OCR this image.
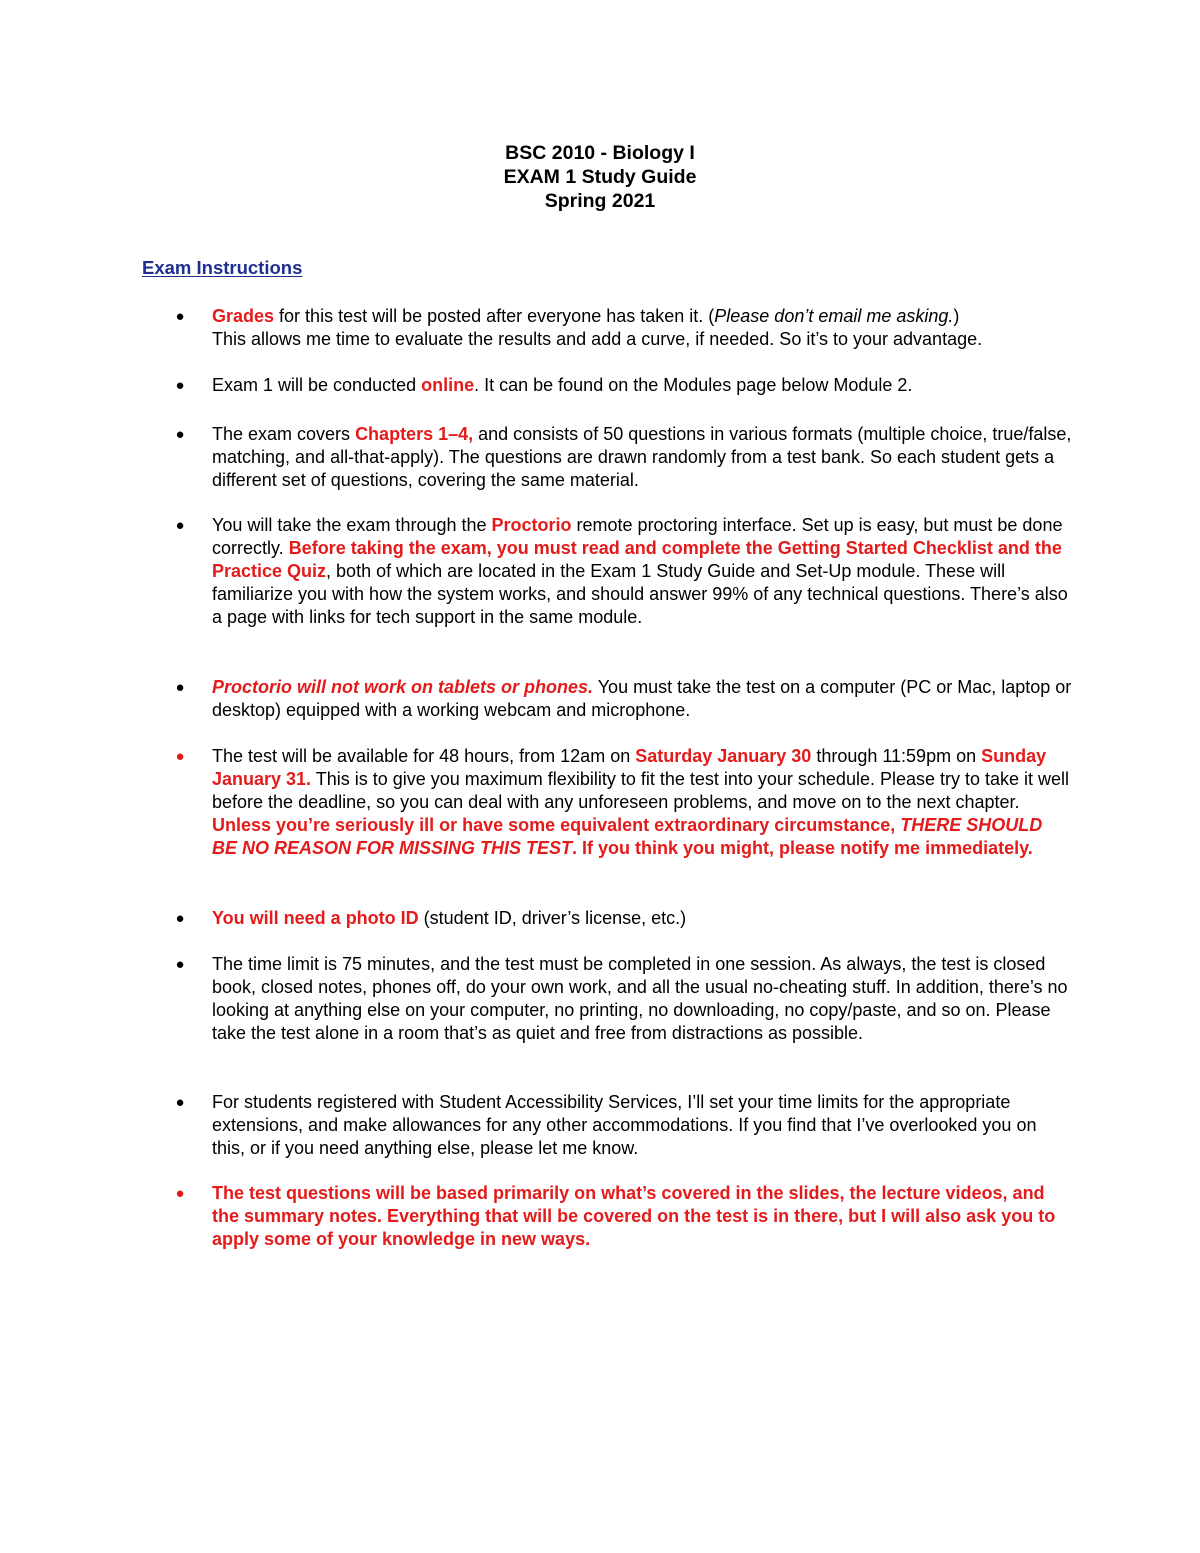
BSC 2010 - Biology I
EXAM 1 Study Guide
Spring 2021
Exam Instructions
● Grades for this test will be posted after everyone has taken it. (Please don’t email me asking.)
This allows me time to evaluate the results and add a curve, if needed. So it’s to your advantage.
● Exam 1 will be conducted online. It can be found on the Modules page below Module 2.
● The exam covers Chapters 1–4, and consists of 50 questions in various formats (multiple choice, true/false, matching, and all-that-apply). The questions are drawn randomly from a test bank. So each student gets a different set of questions, covering the same material.
● You will take the exam through the Proctorio remote proctoring interface. Set up is easy, but must be done correctly. Before taking the exam, you must read and complete the Getting Started Checklist and the Practice Quiz, both of which are located in the Exam 1 Study Guide and Set-Up module. These will familiarize you with how the system works, and should answer 99% of any technical questions. There’s also a page with links for tech support in the same module.
● Proctorio will not work on tablets or phones. You must take the test on a computer (PC or Mac, laptop or desktop) equipped with a working webcam and microphone.
● The test will be available for 48 hours, from 12am on Saturday January 30 through 11:59pm on Sunday January 31. This is to give you maximum flexibility to fit the test into your schedule. Please try to take it well before the deadline, so you can deal with any unforeseen problems, and move on to the next chapter. Unless you’re seriously ill or have some equivalent extraordinary circumstance, THERE SHOULD BE NO REASON FOR MISSING THIS TEST. If you think you might, please notify me immediately.
● You will need a photo ID (student ID, driver’s license, etc.)
● The time limit is 75 minutes, and the test must be completed in one session. As always, the test is closed book, closed notes, phones off, do your own work, and all the usual no-cheating stuff. In addition, there’s no looking at anything else on your computer, no printing, no downloading, no copy/paste, and so on. Please take the test alone in a room that’s as quiet and free from distractions as possible.
● For students registered with Student Accessibility Services, I’ll set your time limits for the appropriate extensions, and make allowances for any other accommodations. If you find that I’ve overlooked you on this, or if you need anything else, please let me know.
● The test questions will be based primarily on what’s covered in the slides, the lecture videos, and the summary notes. Everything that will be covered on the test is in there, but I will also ask you to apply some of your knowledge in new ways.
